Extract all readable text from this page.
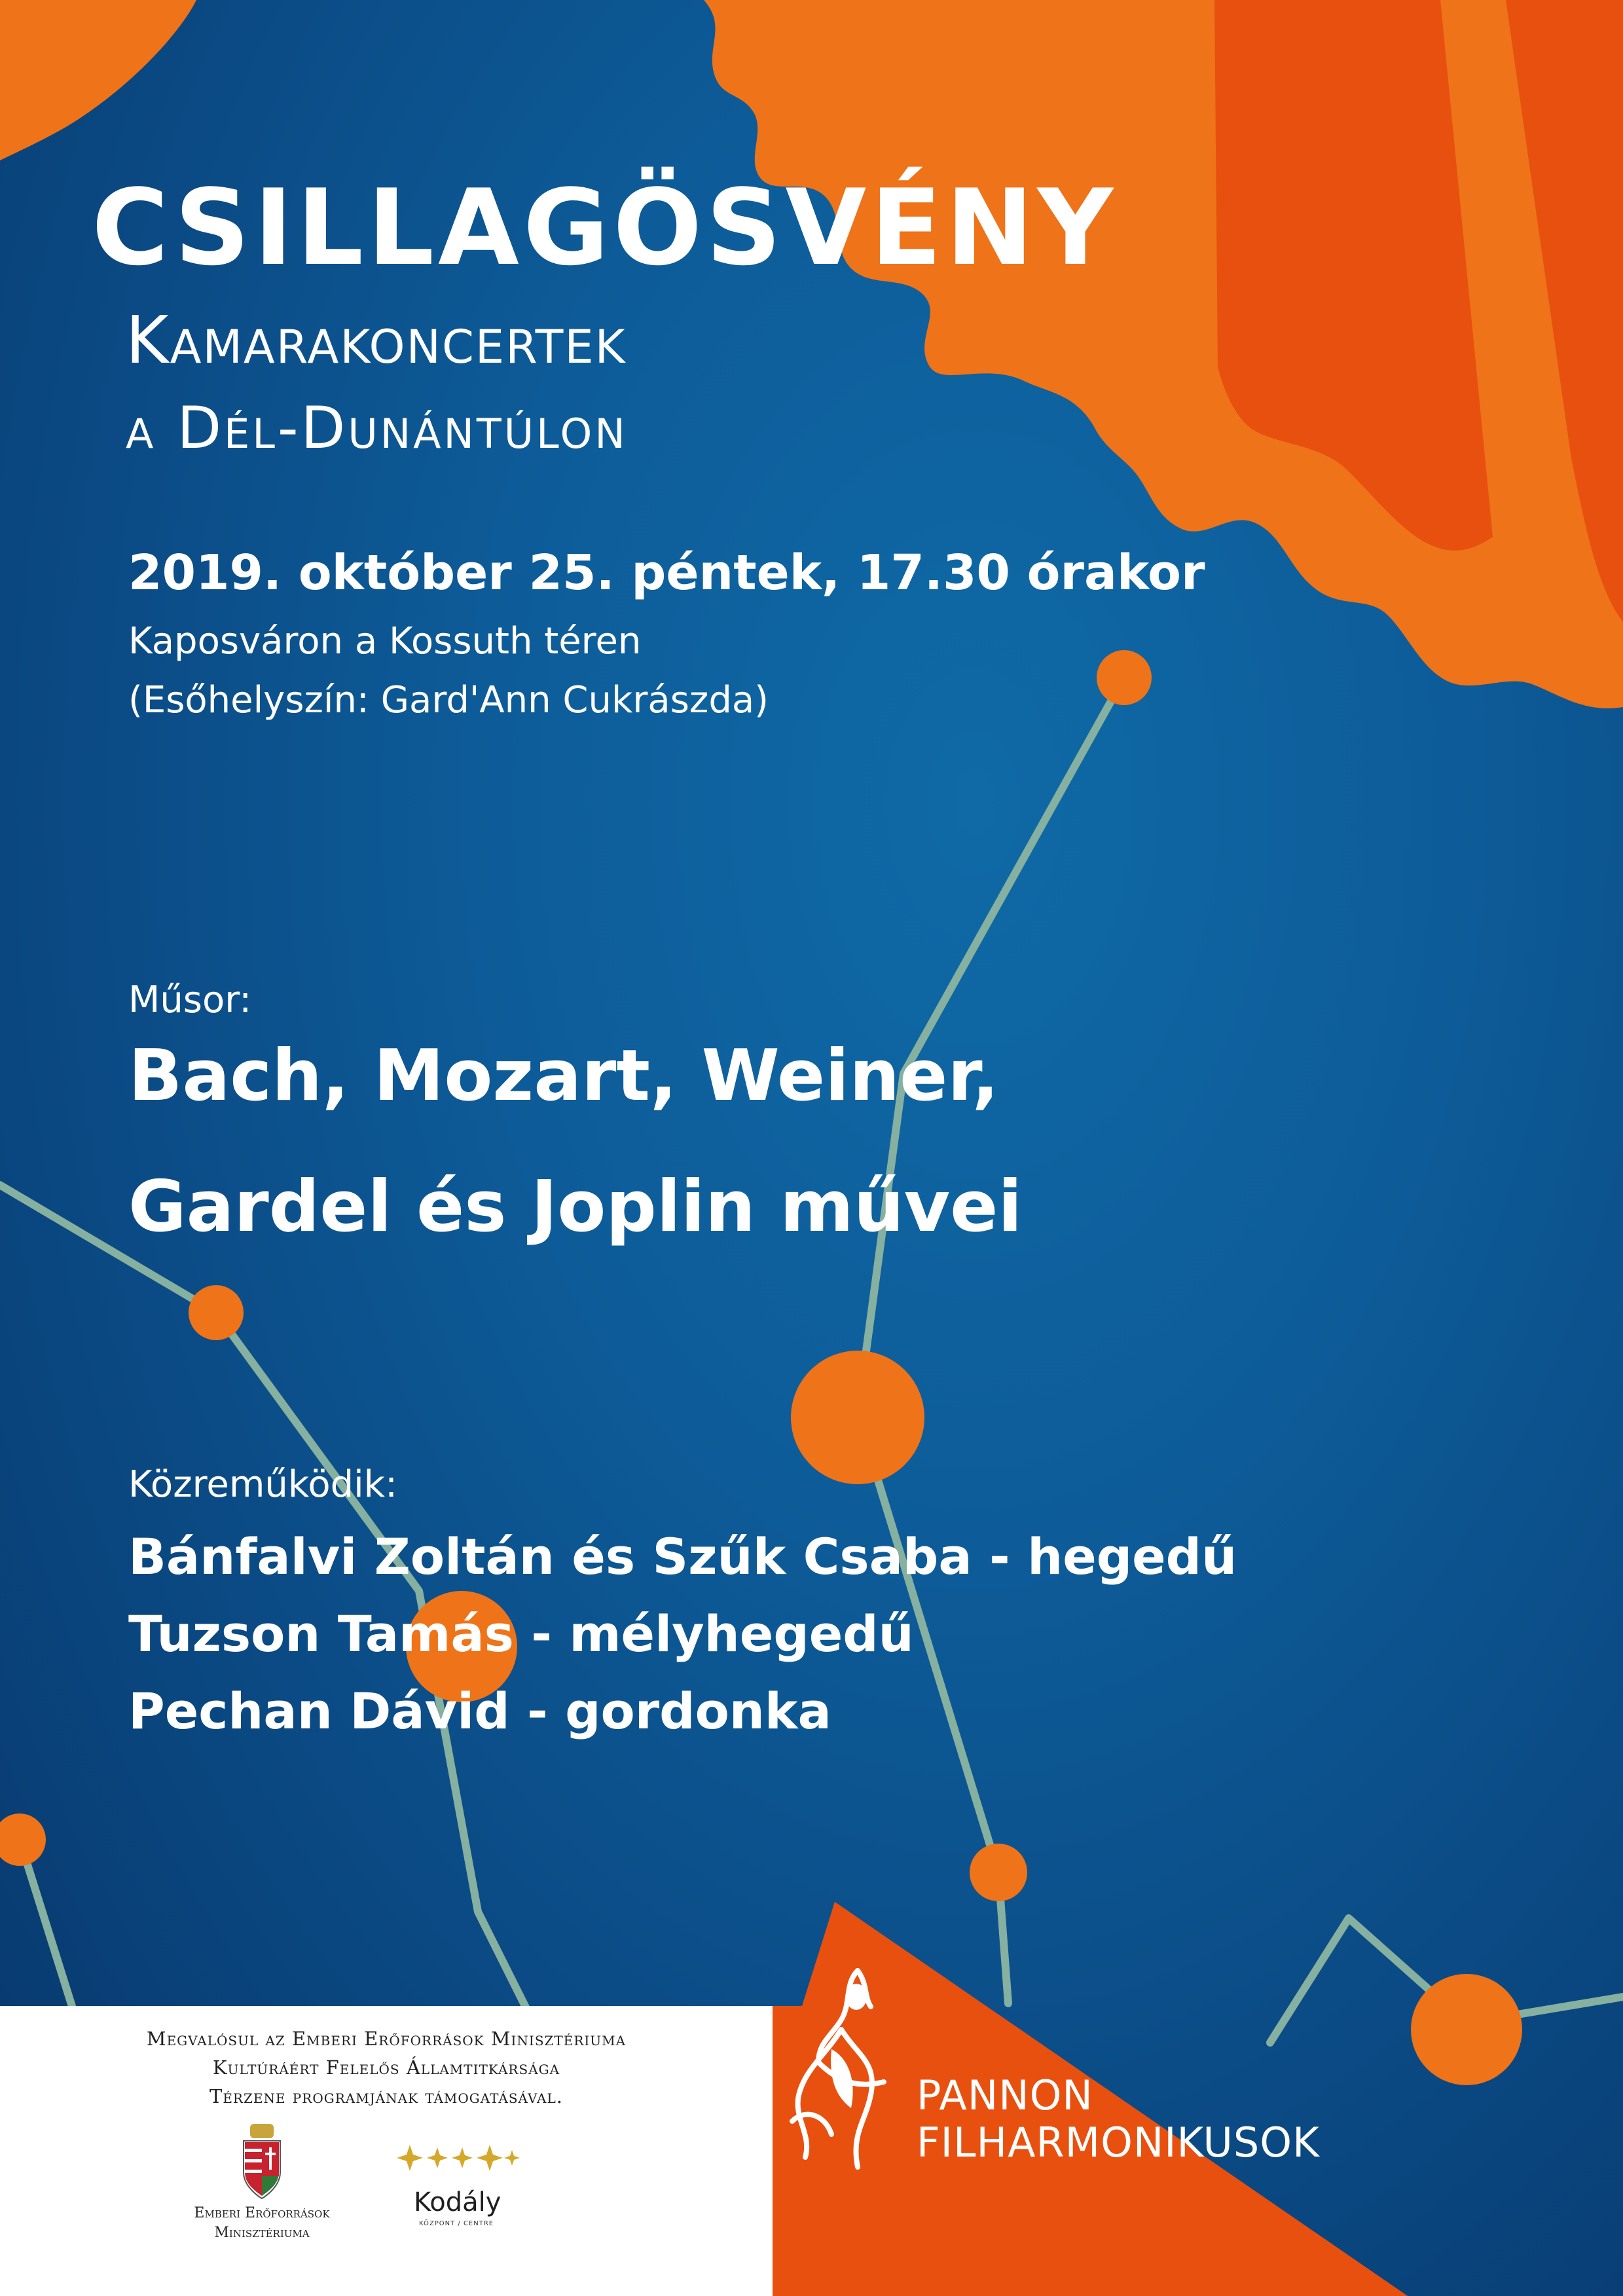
CSILLAGÖSVÉNY
Kamarakoncertek
a Dél-Dunántúlon
2019. október 25. péntek, 17.30 órakor
Kaposváron a Kossuth téren
(Esőhelyszín: Gard'Ann Cukrászda)
Műsor:
Bach, Mozart, Weiner,
Gardel és Joplin művei
Közreműködik:
Bánfalvi Zoltán és Szűk Csaba - hegedű
Tuzson Tamás - mélyhegedű
Pechan Dávid - gordonka
Megvalósul az Emberi Erőforrások Minisztériuma
Kultúráért Felelős Államtitkársága
Térzene programjának támogatásával.
Emberi Erőforrások
Minisztériuma
Kodály
KÖZPONT / CENTRE
PANNON
FILHARMONIKUSOK
